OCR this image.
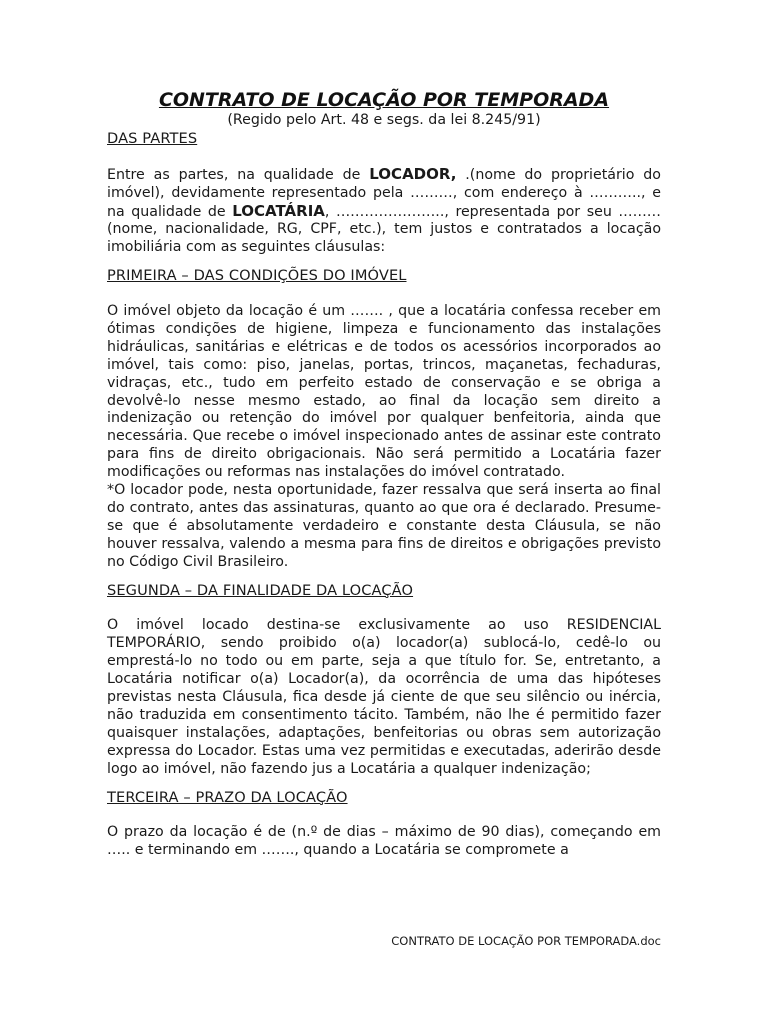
CONTRATO DE LOCAÇÃO POR TEMPORADA

(Regido pelo Art. 48 e segs. da lei 8.245/91)

DAS PARTES

Entre as partes, na qualidade de LOCADOR, .(nome do proprietário do imóvel), devidamente representado pela ………, com endereço à ……….., e na qualidade de LOCATÁRIA, ………………….., representada por seu ……… (nome, nacionalidade, RG, CPF, etc.), tem justos e contratados a locação imobiliária com as seguintes cláusulas:

PRIMEIRA – DAS CONDIÇÕES DO IMÓVEL

O imóvel objeto da locação é um ……. , que a locatária confessa receber em ótimas condições de higiene, limpeza e funcionamento das instalações hidráulicas, sanitárias e elétricas e de todos os acessórios incorporados ao imóvel, tais como: piso, janelas, portas, trincos, maçanetas, fechaduras, vidraças, etc., tudo em perfeito estado de conservação e se obriga a devolvê-lo nesse mesmo estado, ao final da locação sem direito a indenização ou retenção do imóvel por qualquer benfeitoria, ainda que necessária. Que recebe o imóvel inspecionado antes de assinar este contrato para fins de direito obrigacionais. Não será permitido a Locatária fazer modificações ou reformas nas instalações do imóvel contratado.

*O locador pode, nesta oportunidade, fazer ressalva que será inserta ao final do contrato, antes das assinaturas, quanto ao que ora é declarado. Presume-se que é absolutamente verdadeiro e constante desta Cláusula, se não houver ressalva, valendo a mesma para fins de direitos e obrigações previsto no Código Civil Brasileiro.

SEGUNDA – DA FINALIDADE DA LOCAÇÃO

O imóvel locado destina-se exclusivamente ao uso RESIDENCIAL TEMPORÁRIO, sendo proibido o(a) locador(a) sublocá-lo, cedê-lo ou emprestá-lo no todo ou em parte, seja a que título for. Se, entretanto, a Locatária notificar o(a) Locador(a), da ocorrência de uma das hipóteses previstas nesta Cláusula, fica desde já ciente de que seu silêncio ou inércia, não traduzida em consentimento tácito. Também, não lhe é permitido fazer quaisquer instalações, adaptações, benfeitorias ou obras sem autorização expressa do Locador. Estas uma vez permitidas e executadas, aderirão desde logo ao imóvel, não fazendo jus a Locatária a qualquer indenização;

TERCEIRA – PRAZO DA LOCAÇÃO

O prazo da locação é de (n.º de dias – máximo de 90 dias), começando em ….. e terminando em ……., quando a Locatária se compromete a

CONTRATO DE LOCAÇÃO POR TEMPORADA.doc
